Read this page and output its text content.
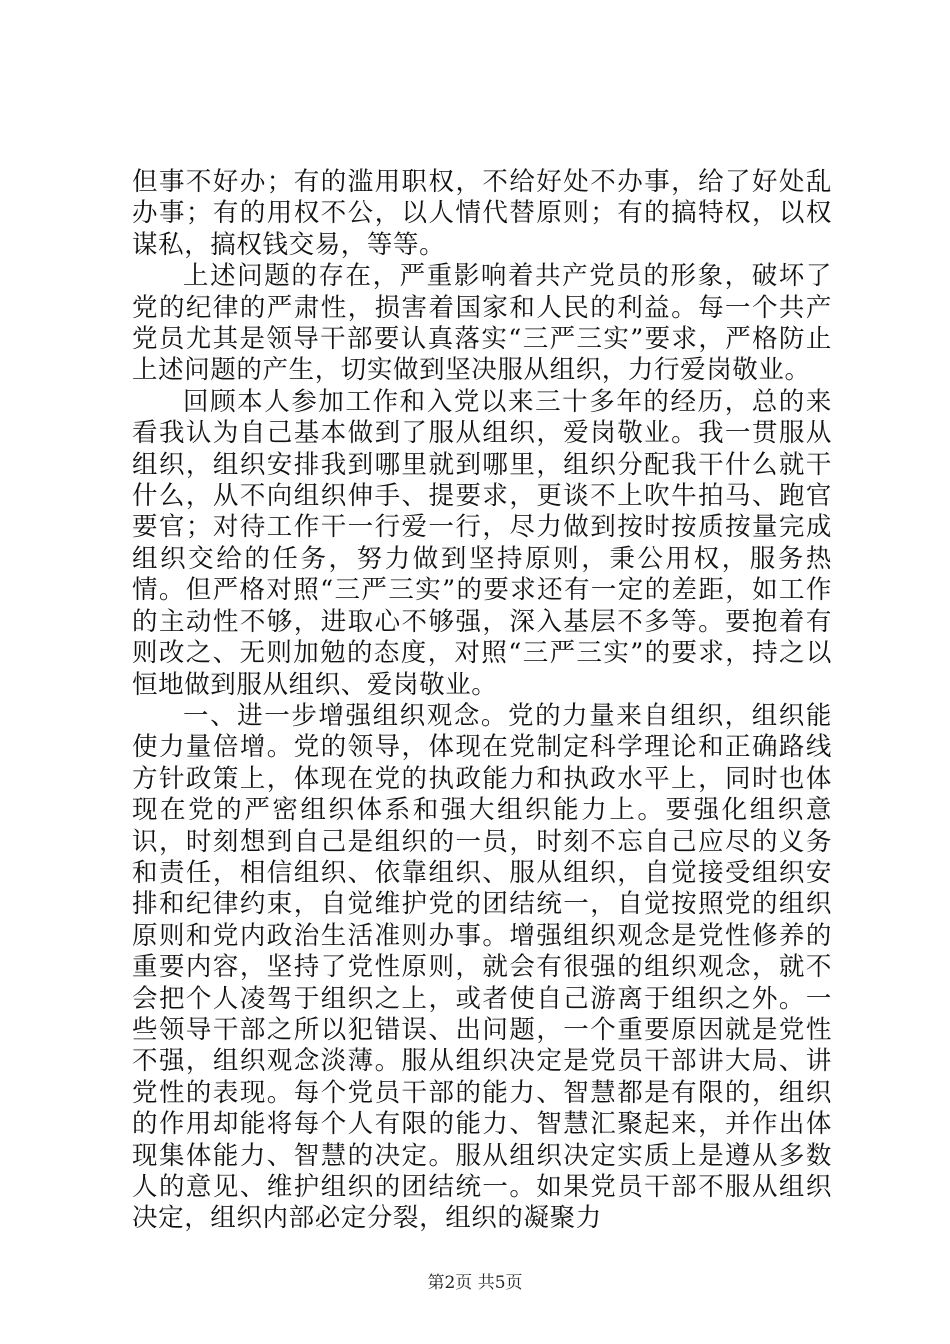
但事不好办；有的滥用职权，不给好处不办事，给了好处乱办事；有的用权不公，以人情代替原则；有的搞特权，以权谋私，搞权钱交易，等等。

上述问题的存在，严重影响着共产党员的形象，破坏了党的纪律的严肃性，损害着国家和人民的利益。每一个共产党员尤其是领导干部要认真落实“三严三实”要求，严格防止上述问题的产生，切实做到坚决服从组织，力行爱岗敬业。

回顾本人参加工作和入党以来三十多年的经历，总的来看我认为自己基本做到了服从组织，爱岗敬业。我一贯服从组织，组织安排我到哪里就到哪里，组织分配我干什么就干什么，从不向组织伸手、提要求，更谈不上吹牛拍马、跑官要官；对待工作干一行爱一行，尽力做到按时按质按量完成组织交给的任务，努力做到坚持原则，秉公用权，服务热情。但严格对照“三严三实”的要求还有一定的差距，如工作的主动性不够，进取心不够强，深入基层不多等。要抱着有则改之、无则加勉的态度，对照“三严三实”的要求，持之以恒地做到服从组织、爱岗敬业。

一、进一步增强组织观念。党的力量来自组织，组织能使力量倍增。党的领导，体现在党制定科学理论和正确路线方针政策上，体现在党的执政能力和执政水平上，同时也体现在党的严密组织体系和强大组织能力上。要强化组织意识，时刻想到自己是组织的一员，时刻不忘自己应尽的义务和责任，相信组织、依靠组织、服从组织，自觉接受组织安排和纪律约束，自觉维护党的团结统一，自觉按照党的组织原则和党内政治生活准则办事。增强组织观念是党性修养的重要内容，坚持了党性原则，就会有很强的组织观念，就不会把个人凌驾于组织之上，或者使自己游离于组织之外。一些领导干部之所以犯错误、出问题，一个重要原因就是党性不强，组织观念淡薄。服从组织决定是党员干部讲大局、讲党性的表现。每个党员干部的能力、智慧都是有限的，组织的作用却能将每个人有限的能力、智慧汇聚起来，并作出体现集体能力、智慧的决定。服从组织决定实质上是遵从多数人的意见、维护组织的团结统一。如果党员干部不服从组织决定，组织内部必定分裂，组织的凝聚力

第2页 共5页
